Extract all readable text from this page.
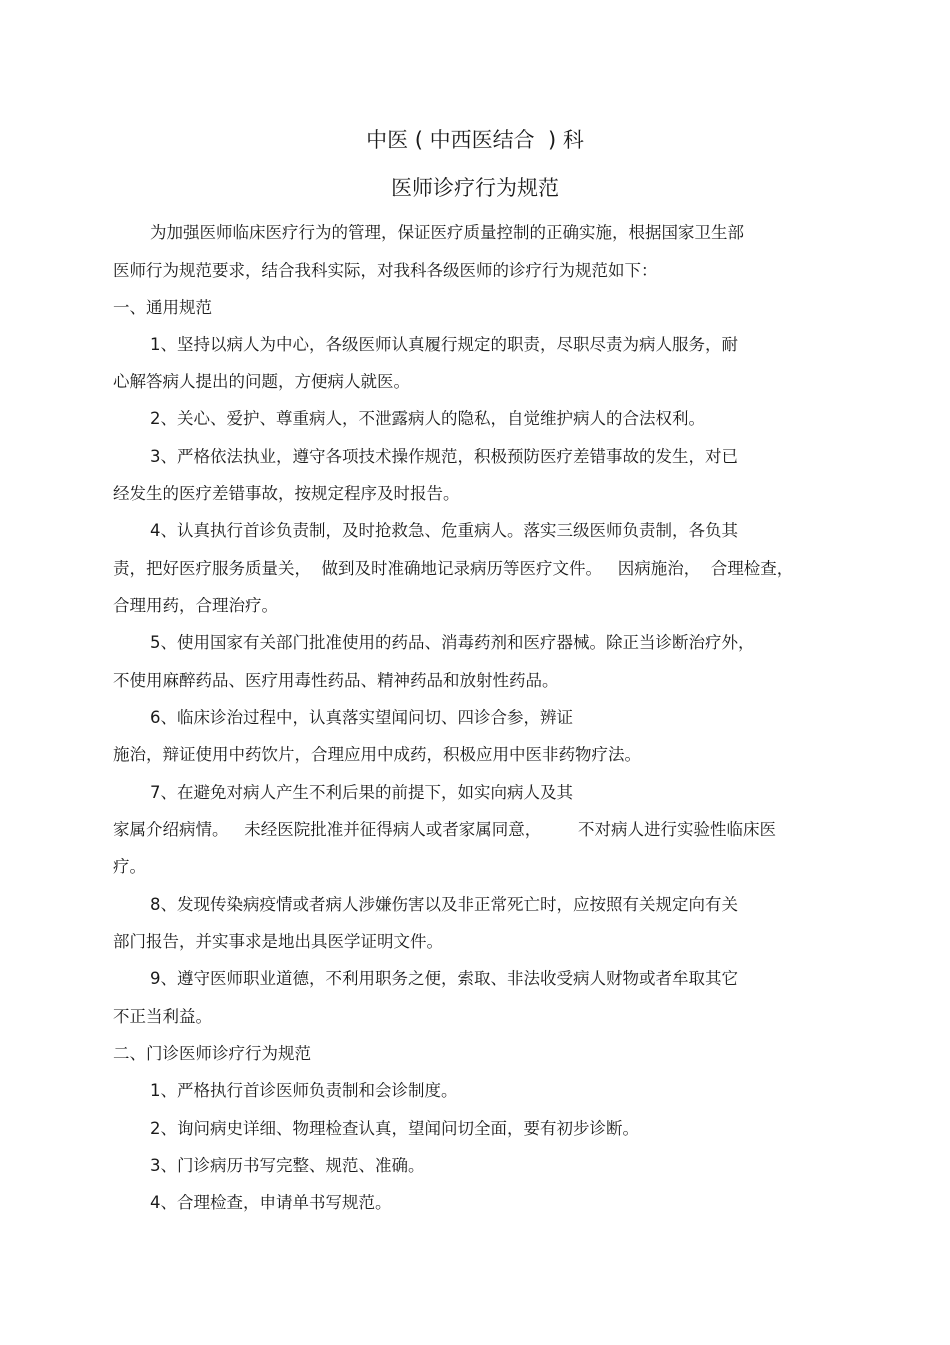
中医 ( 中西医结合  ) 科
医师诊疗行为规范
为加强医师临床医疗行为的管理，保证医疗质量控制的正确实施，根据国家卫生部
医师行为规范要求，结合我科实际，对我科各级医师的诊疗行为规范如下：
一、通用规范
1、坚持以病人为中心，各级医师认真履行规定的职责，尽职尽责为病人服务，耐
心解答病人提出的问题，方便病人就医。
2、关心、爱护、尊重病人，不泄露病人的隐私，自觉维护病人的合法权利。
3、严格依法执业，遵守各项技术操作规范，积极预防医疗差错事故的发生，对已
经发生的医疗差错事故，按规定程序及时报告。
4、认真执行首诊负责制，及时抢救急、危重病人。落实三级医师负责制，各负其
责，把好医疗服务质量关，  做到及时准确地记录病历等医疗文件。   因病施治，  合理检查，
合理用药，合理治疗。
5、使用国家有关部门批准使用的药品、消毒药剂和医疗器械。除正当诊断治疗外，
不使用麻醉药品、医疗用毒性药品、精神药品和放射性药品。
6、临床诊治过程中，认真落实望闻问切、四诊合参，辨证
施治，辩证使用中药饮片，合理应用中成药，积极应用中医非药物疗法。
7、在避免对病人产生不利后果的前提下，如实向病人及其
家属介绍病情。   未经医院批准并征得病人或者家属同意，       不对病人进行实验性临床医
疗。
8、发现传染病疫情或者病人涉嫌伤害以及非正常死亡时，应按照有关规定向有关
部门报告，并实事求是地出具医学证明文件。
9、遵守医师职业道德，不利用职务之便，索取、非法收受病人财物或者牟取其它
不正当利益。
二、门诊医师诊疗行为规范
1、严格执行首诊医师负责制和会诊制度。
2、询问病史详细、物理检查认真，望闻问切全面，要有初步诊断。
3、门诊病历书写完整、规范、准确。
4、合理检查，申请单书写规范。
